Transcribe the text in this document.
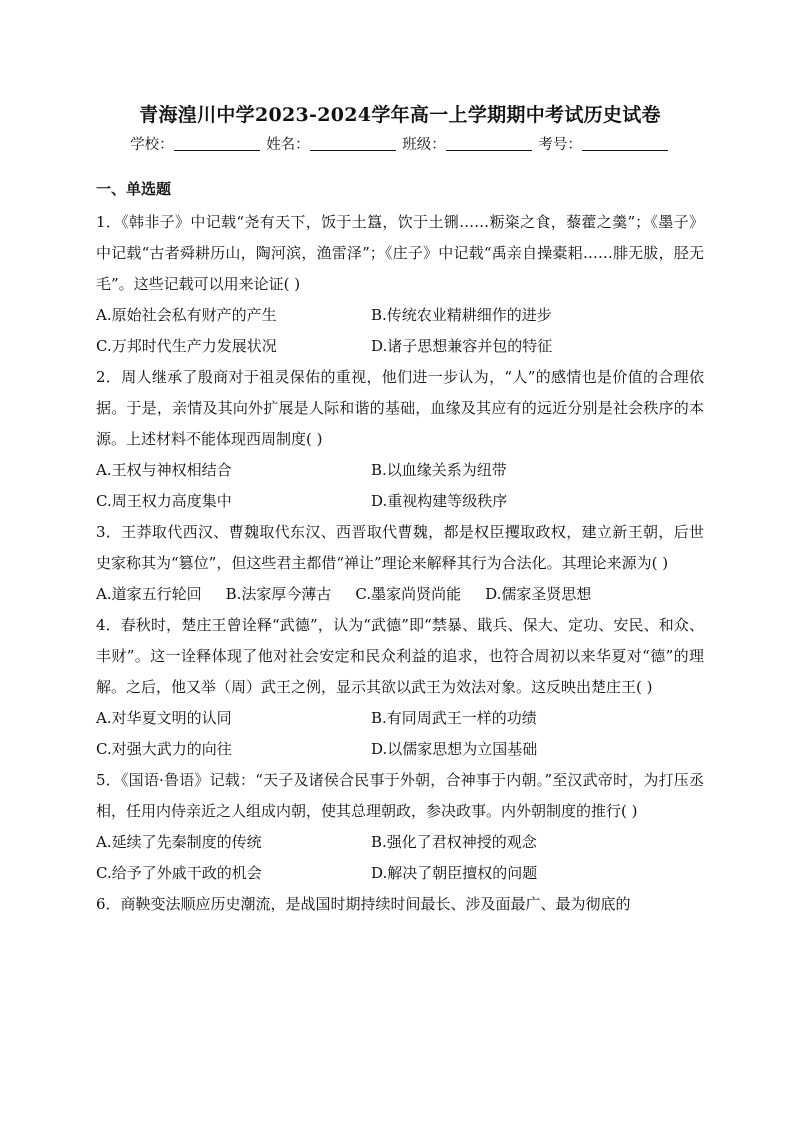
青海湟川中学2023-2024学年高一上学期期中考试历史试卷
学校：	姓名：	班级：	考号：
一、单选题

1．《韩非子》中记载“尧有天下，饭于土簋，饮于土铏……粝粢之食，藜藿之羹”；《墨子》中记载“古者舜耕历山，陶河滨，渔雷泽”；《庄子》中记载“禹亲自操橐耜……腓无胈，胫无毛”。这些记载可以用来论证( )

A.原始社会私有财产的产生	B.传统农业精耕细作的进步
C.万邦时代生产力发展状况	D.诸子思想兼容并包的特征

2．周人继承了殷商对于祖灵保佑的重视，他们进一步认为，“人”的感情也是价值的合理依据。于是，亲情及其向外扩展是人际和谐的基础，血缘及其应有的远近分别是社会秩序的本源。上述材料不能体现西周制度( )

A.王权与神权相结合	B.以血缘关系为纽带
C.周王权力高度集中	D.重视构建等级秩序

3．王莽取代西汉、曹魏取代东汉、西晋取代曹魏，都是权臣攫取政权，建立新王朝，后世史家称其为“篡位”，但这些君主都借“禅让”理论来解释其行为合法化。其理论来源为( )

A.道家五行轮回 B.法家厚今薄古 C.墨家尚贤尚能 D.儒家圣贤思想

4．春秋时，楚庄王曾诠释“武德”，认为“武德”即“禁暴、戢兵、保大、定功、安民、和众、丰财”。这一诠释体现了他对社会安定和民众利益的追求，也符合周初以来华夏对“德”的理解。之后，他又举（周）武王之例，显示其欲以武王为效法对象。这反映出楚庄王( )

A.对华夏文明的认同	B.有同周武王一样的功绩
C.对强大武力的向往	D.以儒家思想为立国基础

5．《国语·鲁语》记载：“天子及诸侯合民事于外朝，合神事于内朝。”至汉武帝时，为打压丞相，任用内侍亲近之人组成内朝，使其总理朝政，参决政事。内外朝制度的推行( )

A.延续了先秦制度的传统	B.强化了君权神授的观念
C.给予了外戚干政的机会	D.解决了朝臣擅权的问题

6．商鞅变法顺应历史潮流，是战国时期持续时间最长、涉及面最广、最为彻底的
